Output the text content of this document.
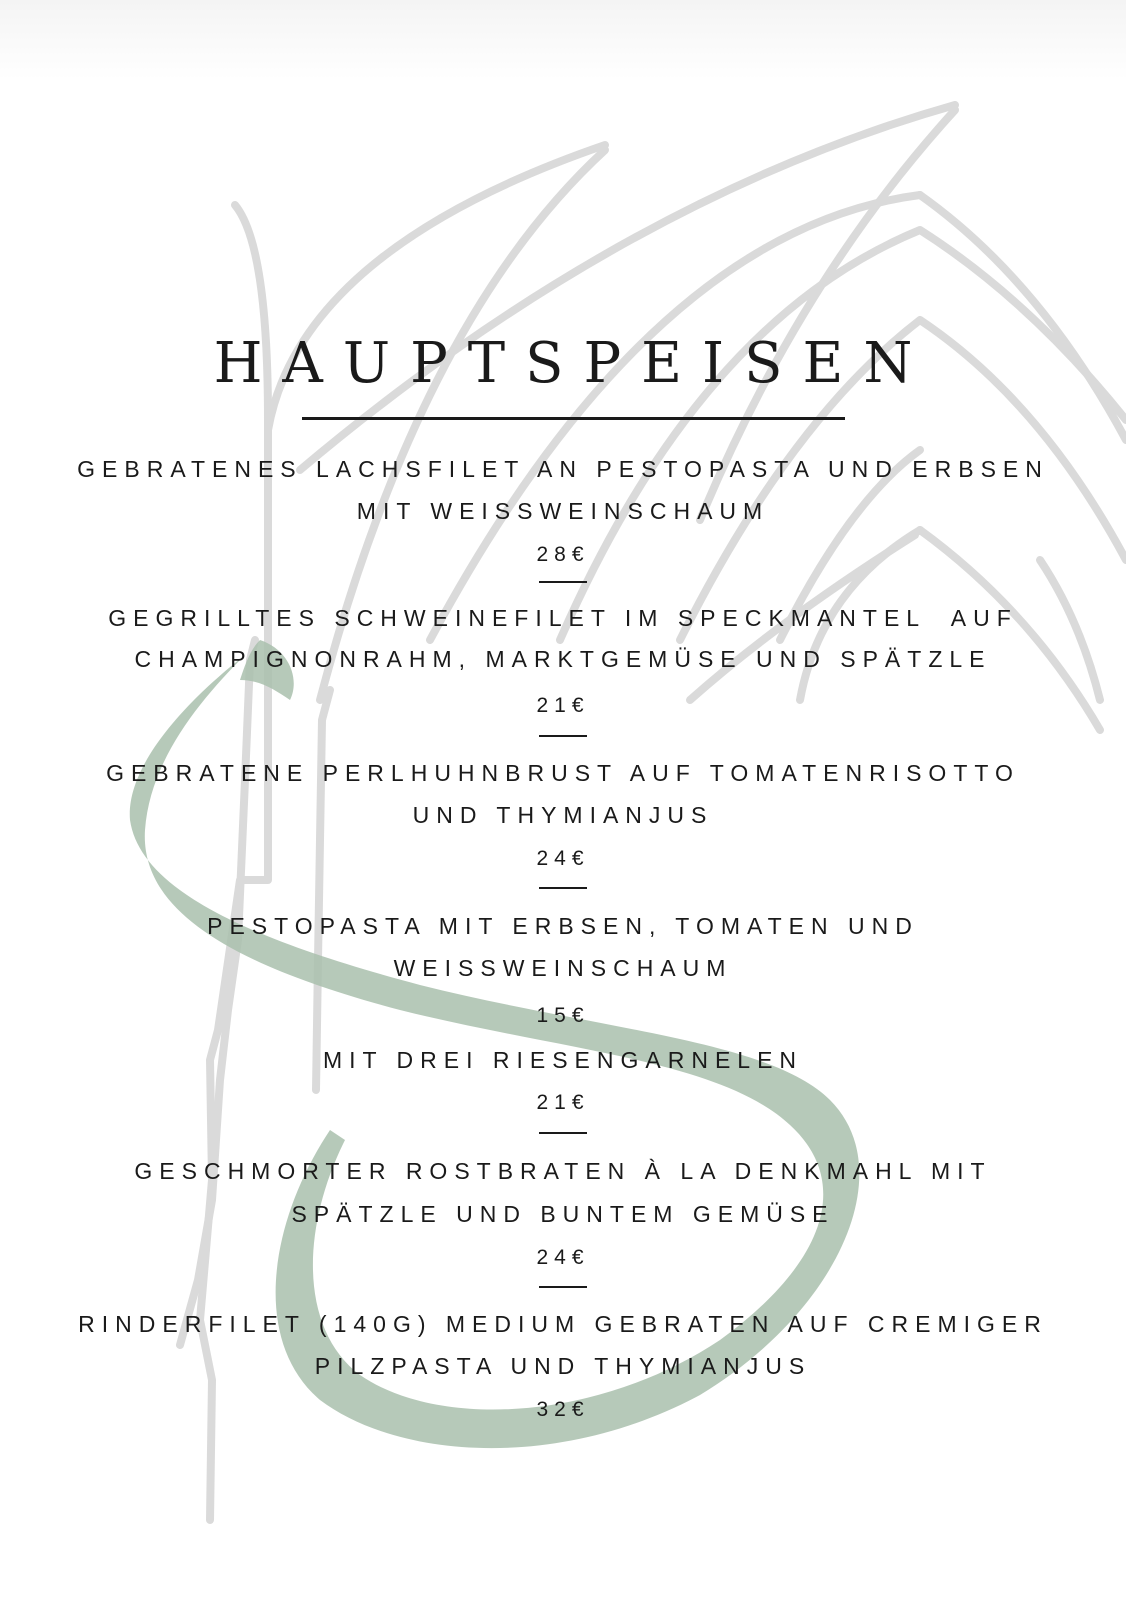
HAUPTSPEISEN
GEBRATENES LACHSFILET AN PESTOPASTA UND ERBSEN
MIT WEISSWEINSCHAUM
28€
GEGRILLTES SCHWEINEFILET IM SPECKMANTEL  AUF
CHAMPIGNONRAHM, MARKTGEMÜSE UND SPÄTZLE
21€
GEBRATENE PERLHUHNBRUST AUF TOMATENRISOTTO
UND THYMIANJUS
24€
PESTOPASTA MIT ERBSEN, TOMATEN UND
WEISSWEINSCHAUM
15€
MIT DREI RIESENGARNELEN
21€
GESCHMORTER ROSTBRATEN À LA DENKMAHL MIT
SPÄTZLE UND BUNTEM GEMÜSE
24€
RINDERFILET (140G) MEDIUM GEBRATEN AUF CREMIGER
PILZPASTA UND THYMIANJUS
32€
